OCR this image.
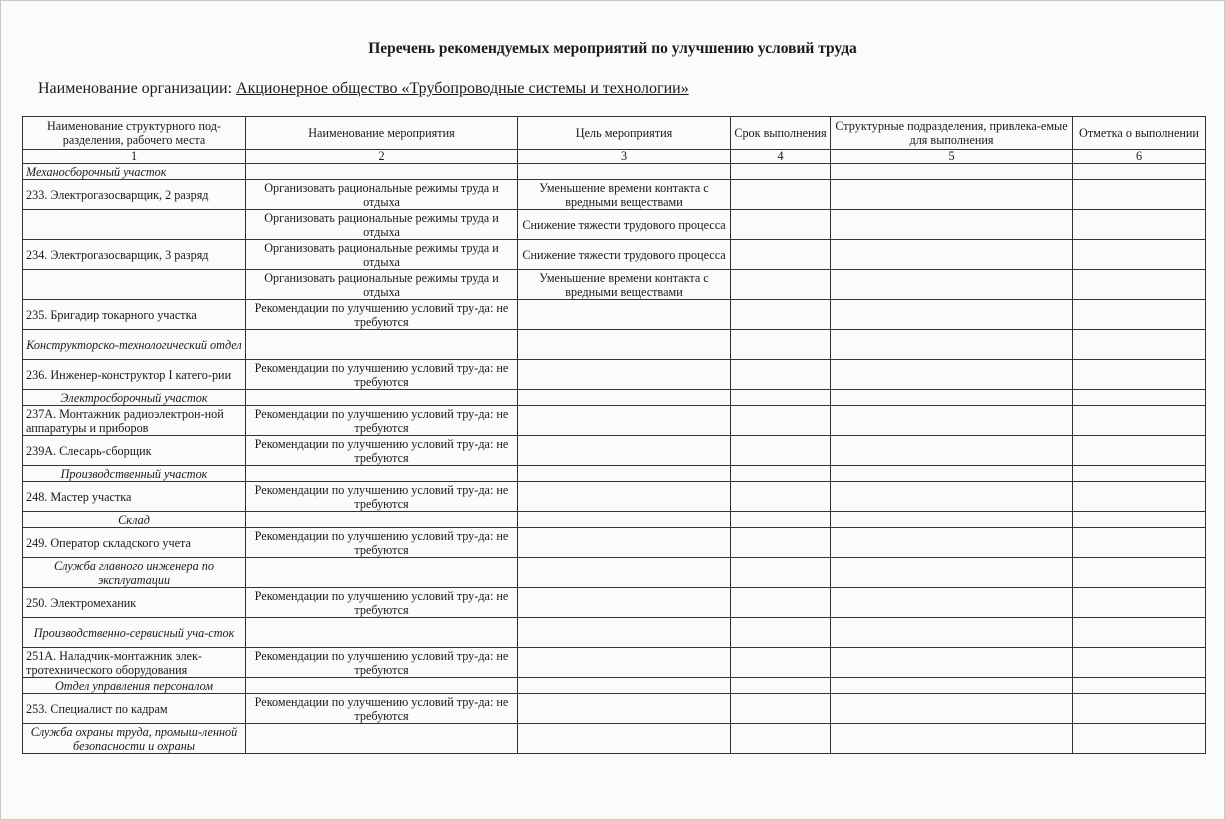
Перечень рекомендуемых мероприятий по улучшению условий труда
Наименование организации: Акционерное общество «Трубопроводные системы и технологии»
Наименование структурного под-разделения, рабочего места	Наименование мероприятия	Цель мероприятия	Срок выполнения	Структурные подразделения, привлека-емые для выполнения	Отметка о выполнении
1	2	3	4	5	6
Механосборочный участок					
233. Электрогазосварщик, 2 разряд	Организовать рациональные режимы труда и отдыха	Уменьшение времени контакта с вредными веществами			
	Организовать рациональные режимы труда и отдыха	Снижение тяжести трудового процесса			
234. Электрогазосварщик, 3 разряд	Организовать рациональные режимы труда и отдыха	Снижение тяжести трудового процесса			
	Организовать рациональные режимы труда и отдыха	Уменьшение времени контакта с вредными веществами			
235. Бригадир токарного участка	Рекомендации по улучшению условий тру-да: не требуются				
Конструкторско-технологический отдел					
236. Инженер-конструктор I катего-рии	Рекомендации по улучшению условий тру-да: не требуются				
Электросборочный участок					
237А. Монтажник радиоэлектрон-ной аппаратуры и приборов	Рекомендации по улучшению условий тру-да: не требуются				
239А. Слесарь-сборщик	Рекомендации по улучшению условий тру-да: не требуются				
Производственный участок					
248. Мастер участка	Рекомендации по улучшению условий тру-да: не требуются				
Склад					
249. Оператор складского учета	Рекомендации по улучшению условий тру-да: не требуются				
Служба главного инженера по эксплуатации					
250. Электромеханик	Рекомендации по улучшению условий тру-да: не требуются				
Производственно-сервисный уча-сток					
251А. Наладчик-монтажник элек-тротехнического оборудования	Рекомендации по улучшению условий тру-да: не требуются				
Отдел управления персоналом					
253. Специалист по кадрам	Рекомендации по улучшению условий тру-да: не требуются				
Служба охраны труда, промыш-ленной безопасности и охраны					
